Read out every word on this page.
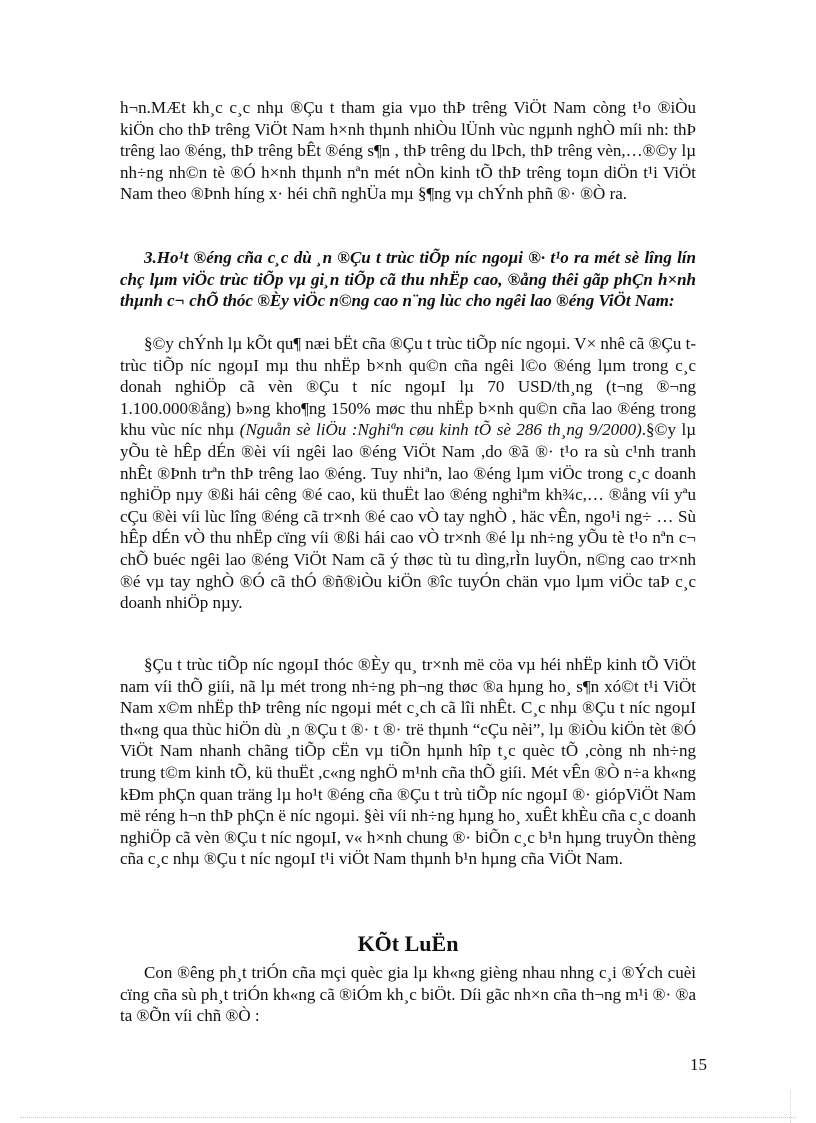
h¬n.MÆt kh¸c c¸c nhµ ®Çu t tham gia vµo thÞ trêng ViÖt Nam còng t¹o ®iÒu kiÖn cho thÞ trêng ViÖt Nam h×nh thµnh nhiÒu lÜnh vùc ngµnh nghÒ míi nh: thÞ trêng lao ®éng, thÞ trêng bÊt ®éng s¶n , thÞ trêng du lÞch, thÞ trêng vèn,…®©y lµ nh÷ng nh©n tè ®Ó h×nh thµnh nªn mét nÒn kinh tÕ thÞ trêng toµn diÖn t¹i ViÖt Nam theo ®Þnh híng x· héi chñ nghÜa mµ §¶ng vµ chÝnh phñ ®· ®Ò ra.

3.Ho¹t ®éng cña c¸c dù ¸n ®Çu t trùc tiÕp níc ngoµi ®· t¹o ra mét sè lîng lín chç lµm viÖc trùc tiÕp vµ gi¸n tiÕp cã thu nhËp cao, ®ång thêi gãp phÇn h×nh thµnh c¬ chÕ thóc ®Èy viÖc n©ng cao n¨ng lùc cho ngêi lao ®éng ViÖt Nam:

§©y chÝnh lµ kÕt qu¶ næi bËt cña ®Çu t trùc tiÕp níc ngoµi. V× nhê cã ®Çu t trùc tiÕp níc ngoµI mµ thu nhËp b×nh qu©n cña ngêi l©o ®éng lµm trong c¸c donah nghiÖp cã vèn ®Çu t níc ngoµI lµ 70 USD/th¸ng (t¬ng ®¬ng 1.100.000®ång) b»ng kho¶ng 150% møc thu nhËp b×nh qu©n cña lao ®éng trong khu vùc níc nhµ (Nguån sè liÖu :Nghiªn cøu kinh tÕ sè 286 th¸ng 9/2000).§©y lµ yÕu tè hÊp dÉn ®èi víi ngêi lao ®éng ViÖt Nam ,do ®ã ®· t¹o ra sù c¹nh tranh nhÊt ®Þnh trªn thÞ trêng lao ®éng. Tuy nhiªn, lao ®éng lµm viÖc trong c¸c doanh nghiÖp nµy ®ßi hái cêng ®é cao, kü thuËt lao ®éng nghiªm kh¾c,… ®ång víi yªu cÇu ®èi víi lùc lîng ®éng cã tr×nh ®é cao vÒ tay nghÒ , häc vÊn, ngo¹i ng÷ … Sù hÊp dÉn vÒ thu nhËp cïng víi ®ßi hái cao vÒ tr×nh ®é lµ nh÷ng yÕu tè t¹o nªn c¬ chÕ buéc ngêi lao ®éng ViÖt Nam cã ý thøc tù tu dìng,rÌn luyÖn, n©ng cao tr×nh ®é vµ tay nghÒ ®Ó cã thÓ ®ñ®iÒu kiÖn ®îc tuyÓn chän vµo lµm viÖc taÞ c¸c doanh nhiÖp nµy.

§Çu t trùc tiÕp níc ngoµI thóc ®Èy qu¸ tr×nh më cöa vµ héi nhËp kinh tÕ ViÖt nam víi thÕ giíi, nã lµ mét trong nh÷ng ph¬ng thøc ®a hµng ho¸ s¶n xó©t t¹i ViÖt Nam x©m nhËp thÞ trêng níc ngoµi mét c¸ch cã lîi nhÊt. C¸c nhµ ®Çu t níc ngoµI th«ng qua thùc hiÖn dù ¸n ®Çu t ®· t ®· trë thµnh “cÇu nèi”, lµ ®iÒu kiÖn tèt ®Ó ViÖt Nam nhanh chãng tiÕp cËn vµ tiÕn hµnh hîp t¸c quèc tÕ ,còng nh nh÷ng trung t©m kinh tÕ, kü thuËt ,c«ng nghÖ m¹nh cña thÕ giíi. Mét vÊn ®Ò n÷a kh«ng kÐm phÇn quan träng lµ ho¹t ®éng cña ®Çu t trù tiÕp níc ngoµI ®· giópViÖt Nam më réng h¬n thÞ phÇn ë níc ngoµi. §èi víi nh÷ng hµng ho¸ xuÊt khÈu cña c¸c doanh nghiÖp cã vèn ®Çu t níc ngoµI, v« h×nh chung ®· biÕn c¸c b¹n hµng truyÒn thèng cña c¸c nhµ ®Çu t níc ngoµI t¹i viÖt Nam thµnh b¹n hµng cña ViÖt Nam.

KÕt LuËn

Con ®êng ph¸t triÓn cña mçi quèc gia lµ kh«ng gièng nhau nhng c¸i ®Ých cuèi cïng cña sù ph¸t triÓn kh«ng cã ®iÓm kh¸c biÖt. Díi gãc nh×n cña th¬ng m¹i ®· ®a ta ®Õn víi chñ ®Ò :

15
